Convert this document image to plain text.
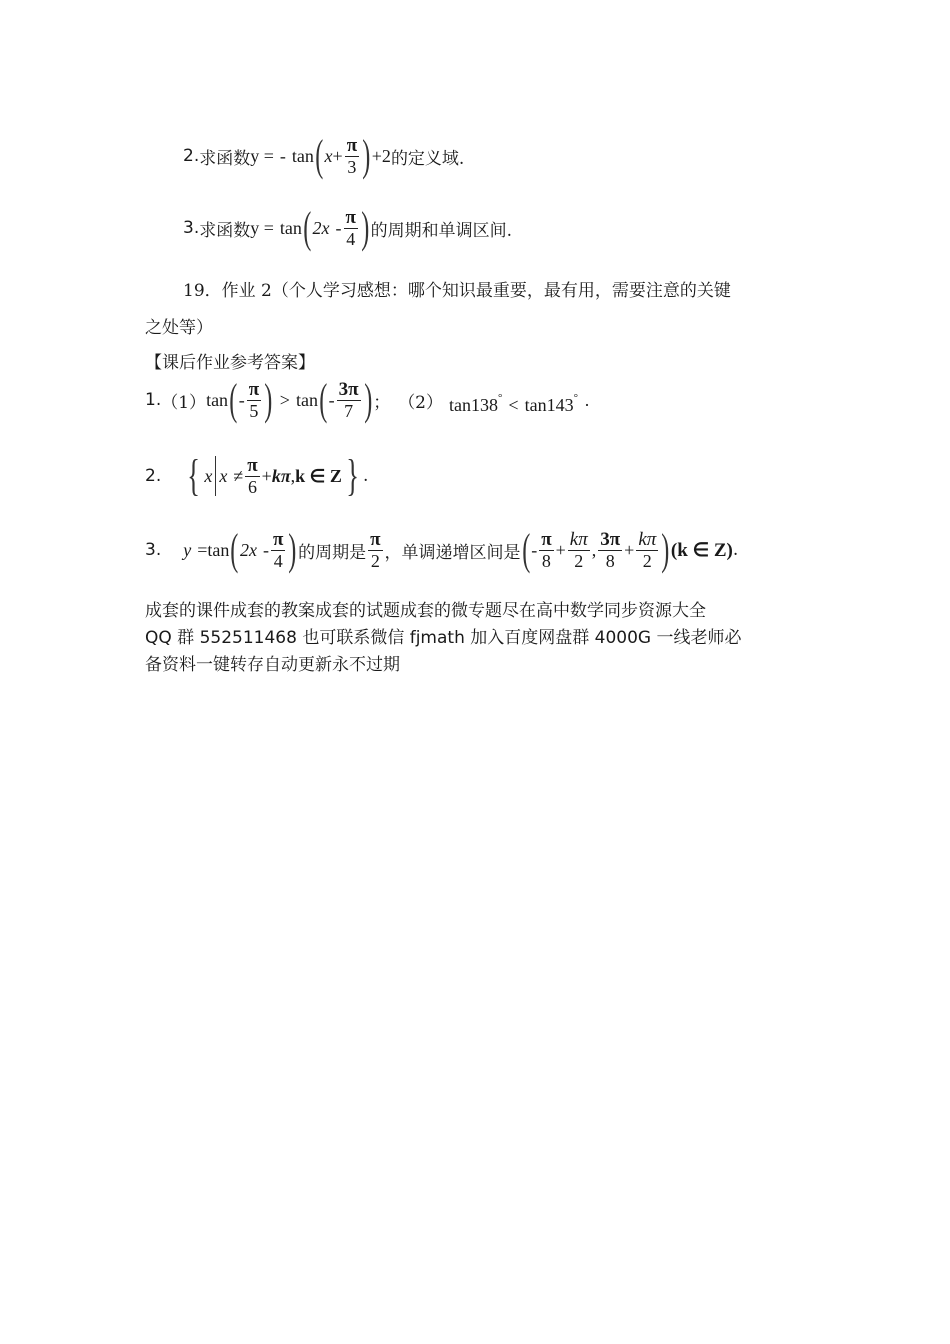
2. 求函数 y = - tan ( $x + \frac{\pi}{3}$ ) +2 的定义域.
3. 求函数 y = tan ( $2x - \frac{\pi}{4}$ ) 的周期和单调区间.
19．作业 2（个人学习感想：哪个知识最重要，最有用，需要注意的关键
之处等）
【课后作业参考答案】
1. （1） tan ( - $\frac{\pi}{5}$ ) > tan ( - $\frac{3\pi}{7}$ ) ； （2） tan138 ° < tan143 ° ·
2. { x $x \ne \frac{\pi}{6} + k\pi$ , k ∈ Z } .
3. y = tan ( $2x - \frac{\pi}{4}$ ) 的周期是 $\frac{\pi}{2}$ ，单调递增区间是 ( - $\frac{\pi}{8} + \frac{k\pi}{2}$ , $\frac{3\pi}{8} + \frac{k\pi}{2}$ ) (k ∈ Z) .
成套的课件成套的教案成套的试题成套的微专题尽在高中数学同步资源大全
QQ 群 552511468 也可联系微信 fjmath 加入百度网盘群 4000G 一线老师必
备资料一键转存自动更新永不过期
